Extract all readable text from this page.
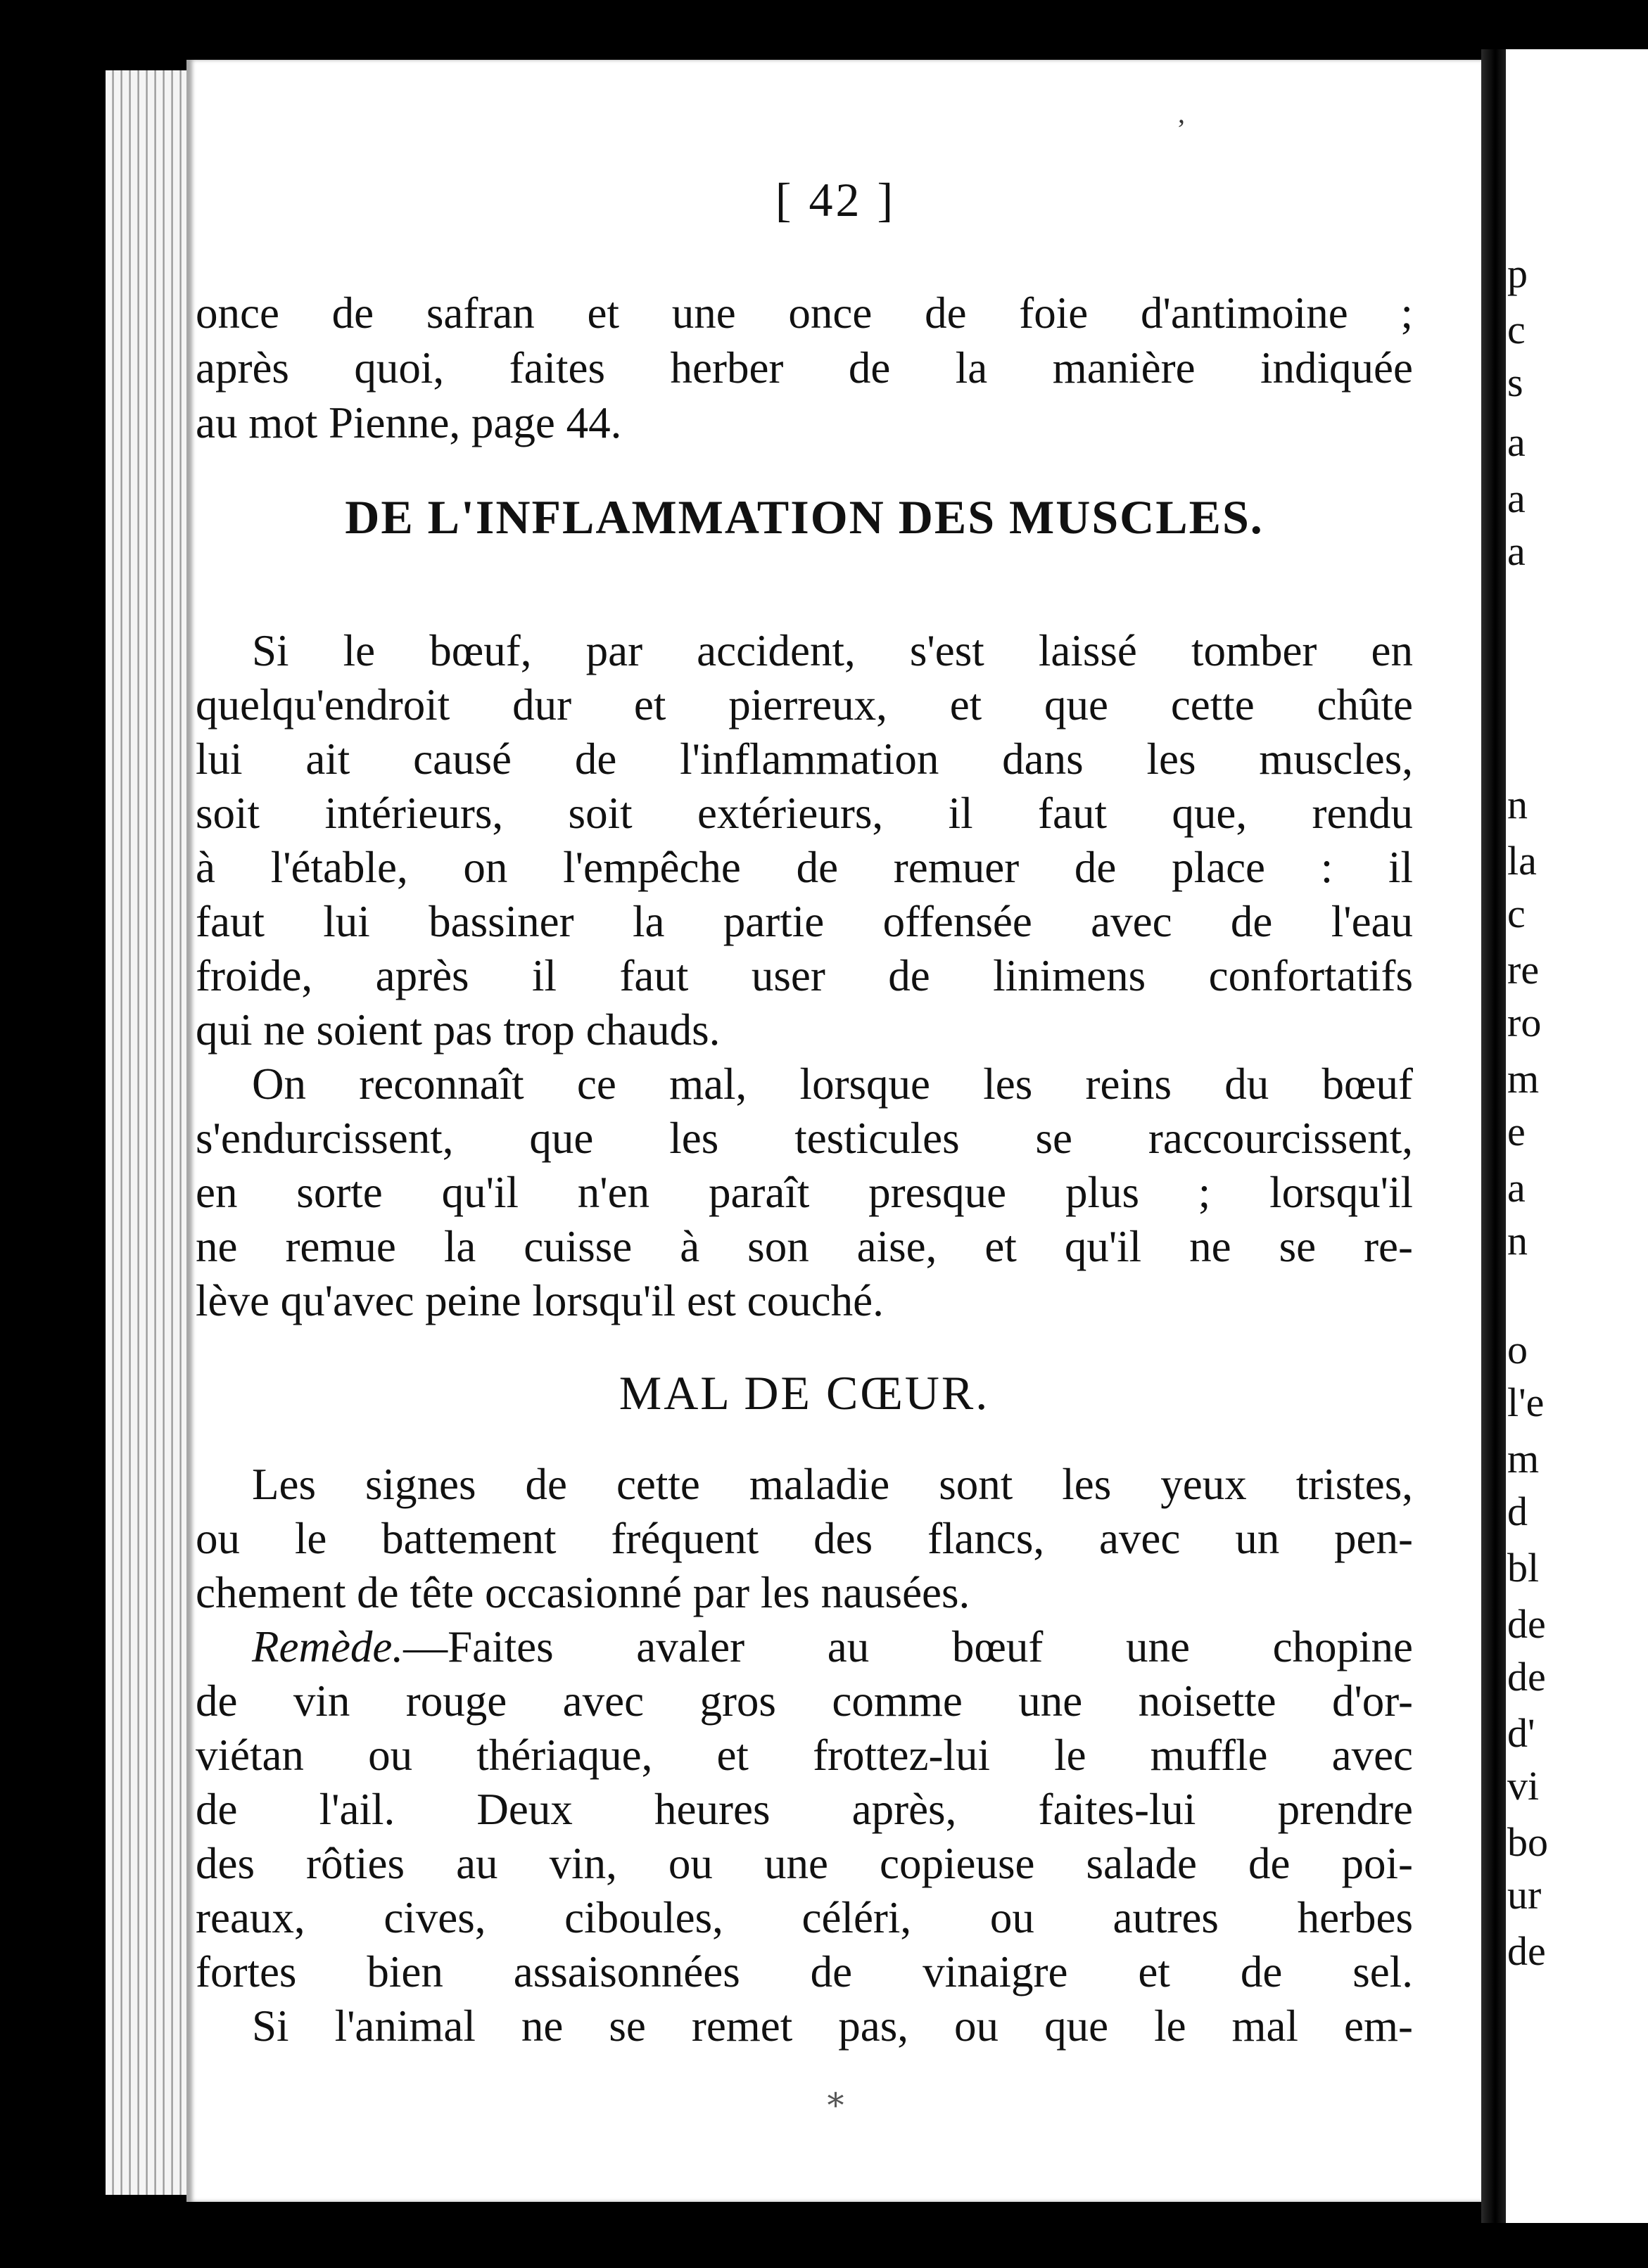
[ 42 ]
p
c
s
a
a
a
n
la
c
re
ro
m
e
a
n
o
l'e
m
d
bl
de
de
d'
vi
bo
ur
de
’
once de safran et une once de foie d'antimoine ;
après quoi, faites herber de la manière indiquée
au mot Pienne, page 44.
DE L'INFLAMMATION DES MUSCLES.
Si le bœuf, par accident, s'est laissé tomber en
quelqu'endroit dur et pierreux, et que cette chûte
lui ait causé de l'inflammation dans les muscles,
soit intérieurs, soit extérieurs, il faut que, rendu
à l'étable, on l'empêche de remuer de place : il
faut lui bassiner la partie offensée avec de l'eau
froide, après il faut user de linimens confortatifs
qui ne soient pas trop chauds.
On reconnaît ce mal, lorsque les reins du bœuf
s'endurcissent, que les testicules se raccourcissent,
en sorte qu'il n'en paraît presque plus ; lorsqu'il
ne remue la cuisse à son aise, et qu'il ne se re-
lève qu'avec peine lorsqu'il est couché.
MAL DE CŒUR.
Les signes de cette maladie sont les yeux tristes,
ou le battement fréquent des flancs, avec un pen-
chement de tête occasionné par les nausées.
Remède.—Faites avaler au bœuf une chopine
de vin rouge avec gros comme une noisette d'or-
viétan ou thériaque, et frottez-lui le muffle avec
de l'ail. Deux heures après, faites-lui prendre
des rôties au vin, ou une copieuse salade de poi-
reaux, cives, ciboules, céléri, ou autres herbes
fortes bien assaisonnées de vinaigre et de sel.
Si l'animal ne se remet pas, ou que le mal em-
*
